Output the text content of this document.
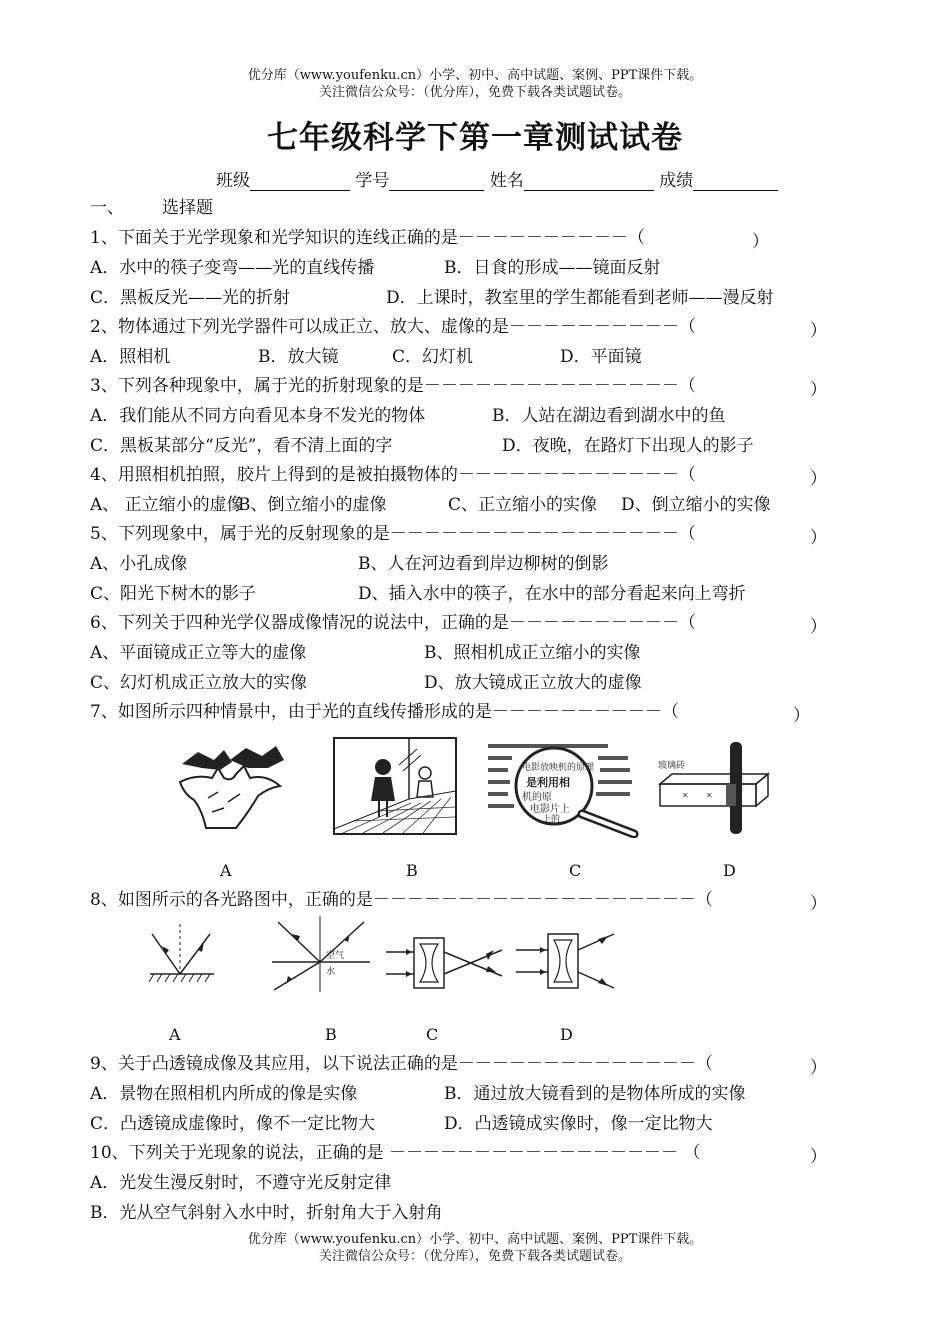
优分库（www.youfenku.cn）小学、初中、高中试题、案例、PPT课件下载。
关注微信公众号：（优分库），免费下载各类试题试卷。
七年级科学下第一章测试试卷
班级	学号	姓名	成绩
一、 选择题
1、下面关于光学现象和光学知识的连线正确的是－－－－－－－－－－（	）
A．水中的筷子变弯——光的直线传播	B．日食的形成——镜面反射
C．黑板反光——光的折射	D．上课时，教室里的学生都能看到老师——漫反射
2、物体通过下列光学器件可以成正立、放大、虚像的是－－－－－－－－－－（	）
A．照相机	B．放大镜	C．幻灯机	D．平面镜
3、下列各种现象中，属于光的折射现象的是－－－－－－－－－－－－－－－（	）
A．我们能从不同方向看见本身不发光的物体	B．人站在湖边看到湖水中的鱼
C．黑板某部分“反光”，看不清上面的字	D．夜晚，在路灯下出现人的影子
4、用照相机拍照，胶片上得到的是被拍摄物体的－－－－－－－－－－－－－（	）
A、 正立缩小的虚像
B、倒立缩小的虚像	C、正立缩小的实像 D、倒立缩小的实像
5、下列现象中，属于光的反射现象的是－－－－－－－－－－－－－－－－－（	）
A、小孔成像	B、人在河边看到岸边柳树的倒影
C、阳光下树木的影子	D、插入水中的筷子，在水中的部分看起来向上弯折
6、下列关于四种光学仪器成像情况的说法中，正确的是－－－－－－－－－－（	）
A、平面镜成正立等大的虚像	B、照相机成正立缩小的实像
C、幻灯机成正立放大的实像	D、放大镜成正立放大的虚像
7、如图所示四种情景中，由于光的直线传播形成的是－－－－－－－－－－（	）
电影放映机的原理
是利用相
机的原
电影片上
上的
玻璃砖
✕ ✕
A	B	C	D
8、如图所示的各光路图中，正确的是－－－－－－－－－－－－－－－－－－－（	）
空气
水
A	B	C	D
9、关于凸透镜成像及其应用，以下说法正确的是－－－－－－－－－－－－－－（	）
A．景物在照相机内所成的像是实像	B．通过放大镜看到的是物体所成的实像
C．凸透镜成虚像时，像不一定比物大	D．凸透镜成实像时，像一定比物大
10、下列关于光现象的说法，正确的是 －－－－－－－－－－－－－－－－－ （	）
A．光发生漫反射时，不遵守光反射定律
B．光从空气斜射入水中时，折射角大于入射角
优分库（www.youfenku.cn）小学、初中、高中试题、案例、PPT课件下载。
关注微信公众号：（优分库），免费下载各类试题试卷。
